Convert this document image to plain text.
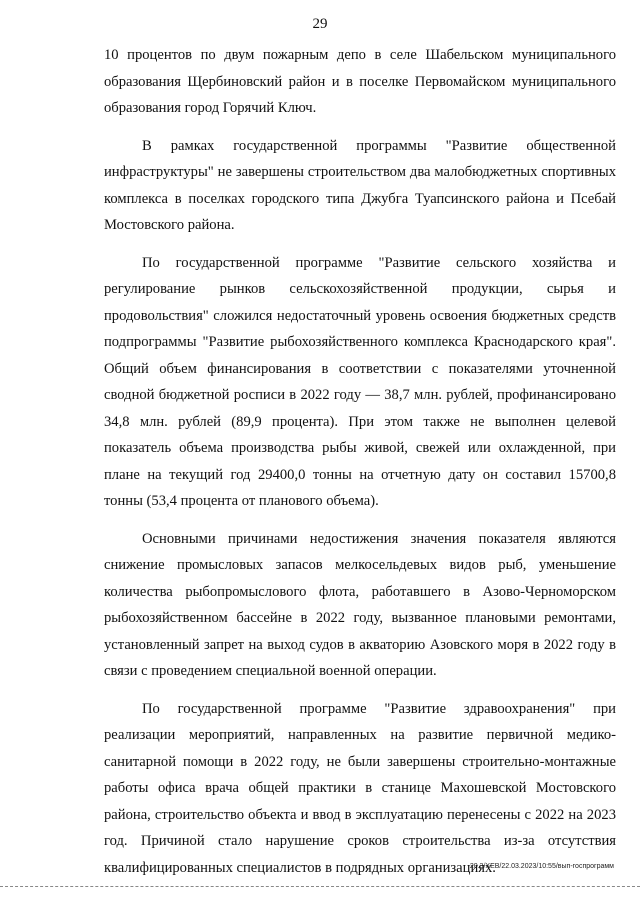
29

10 процентов по двум пожарным депо в селе Шабельском муниципального образования Щербиновский район и в поселке Первомайском муниципального образования город Горячий Ключ.

В рамках государственной программы "Развитие общественной инфраструктуры" не завершены строительством два малобюджетных спортивных комплекса в поселках городского типа Джубга Туапсинского района и Псебай Мостовского района.

По государственной программе "Развитие сельского хозяйства и регулирование рынков сельскохозяйственной продукции, сырья и продовольствия" сложился недостаточный уровень освоения бюджетных средств подпрограммы "Развитие рыбохозяйственного комплекса Краснодарского края". Общий объем финансирования в соответствии с показателями уточненной сводной бюджетной росписи в 2022 году — 38,7 млн. рублей, профинансировано 34,8 млн. рублей (89,9 процента). При этом также не выполнен целевой показатель объема производства рыбы живой, свежей или охлажденной, при плане на текущий год 29400,0 тонны на отчетную дату он составил 15700,8 тонны (53,4 процента от планового объема).

Основными причинами недостижения значения показателя являются снижение промысловых запасов мелкосельдевых видов рыб, уменьшение количества рыбопромыслового флота, работавшего в Азово-Черноморском рыбохозяйственном бассейне в 2022 году, вызванное плановыми ремонтами, установленный запрет на выход судов в акваторию Азовского моря в 2022 году в связи с проведением специальной военной операции.

По государственной программе "Развитие здравоохранения" при реализации мероприятий, направленных на развитие первичной медико-санитарной помощи в 2022 году, не были завершены строительно-монтажные работы офиса врача общей практики в станице Махошевской Мостовского района, строительство объекта и ввод в эксплуатацию перенесены с 2022 на 2023 год. Причиной стало нарушение сроков строительства из-за отсутствия квалифицированных специалистов в подрядных организациях.

20.3/ХЕВ/22.03.2023/10:55/вып-госпрограмм
